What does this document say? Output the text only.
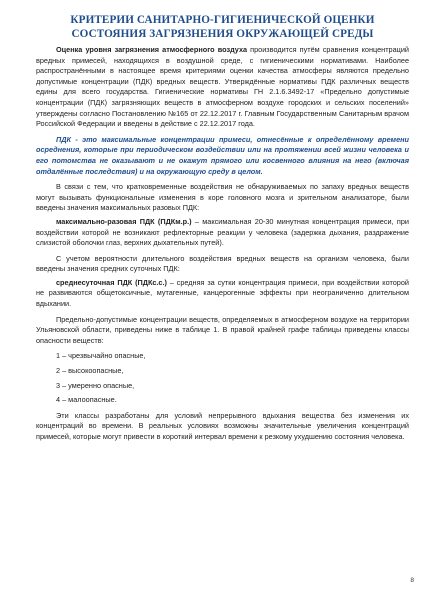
КРИТЕРИИ САНИТАРНО-ГИГИЕНИЧЕСКОЙ ОЦЕНКИ СОСТОЯНИЯ ЗАГРЯЗНЕНИЯ ОКРУЖАЮЩЕЙ СРЕДЫ

Оценка уровня загрязнения атмосферного воздуха производится путём сравнения концентраций вредных примесей, находящихся в воздушной среде, с гигиеническими нормативами. Наиболее распространёнными в настоящее время критериями оценки качества атмосферы являются предельно допустимые концентрации (ПДК) вредных веществ. Утверждённые нормативы ПДК различных веществ едины для всего государства. Гигиенические нормативы ГН 2.1.6.3492-17 «Предельно допустимые концентрации (ПДК) загрязняющих веществ в атмосферном воздухе городских и сельских поселений» утверждены согласно Постановлению №165 от 22.12.2017 г. Главным Государственным Санитарным врачом Российской Федерации и введены в действие с 22.12.2017 года.

ПДК - это максимальные концентрации примеси, отнесённые к определённому времени осреднения, которые при периодическом воздействии или на протяжении всей жизни человека и его потомства не оказывают и не окажут прямого или косвенного влияния на него (включая отдалённые последствия) и на окружающую среду в целом.

В связи с тем, что кратковременные воздействия не обнаруживаемых по запаху вредных веществ могут вызывать функциональные изменения в коре головного мозга и зрительном анализаторе, были введены значения максимальных разовых ПДК:

максимально-разовая ПДК (ПДКм.р.) – максимальная 20-30 минутная концентрация примеси, при воздействии которой не возникают рефлекторные реакции у человека (задержка дыхания, раздражение слизистой оболочки глаз, верхних дыхательных путей).

С учетом вероятности длительного воздействия вредных веществ на организм человека, были введены значения средних суточных ПДК:

среднесуточная ПДК (ПДКс.с.) – средняя за сутки концентрация примеси, при воздействии которой не развиваются общетоксичные, мутагенные, канцерогенные эффекты при неограниченно длительном вдыхании.

Предельно-допустимые концентрации веществ, определяемых в атмосферном воздухе на территории Ульяновской области, приведены ниже в таблице 1. В правой крайней графе таблицы приведены классы опасности веществ:

1 – чрезвычайно опасные,
2 – высокоопасные,
3 – умеренно опасные,
4 – малоопасные.

Эти классы разработаны для условий непрерывного вдыхания вещества без изменения их концентраций во времени. В реальных условиях возможны значительные увеличения концентраций примесей, которые могут привести в короткий интервал времени к резкому ухудшению состояния человека.

8
